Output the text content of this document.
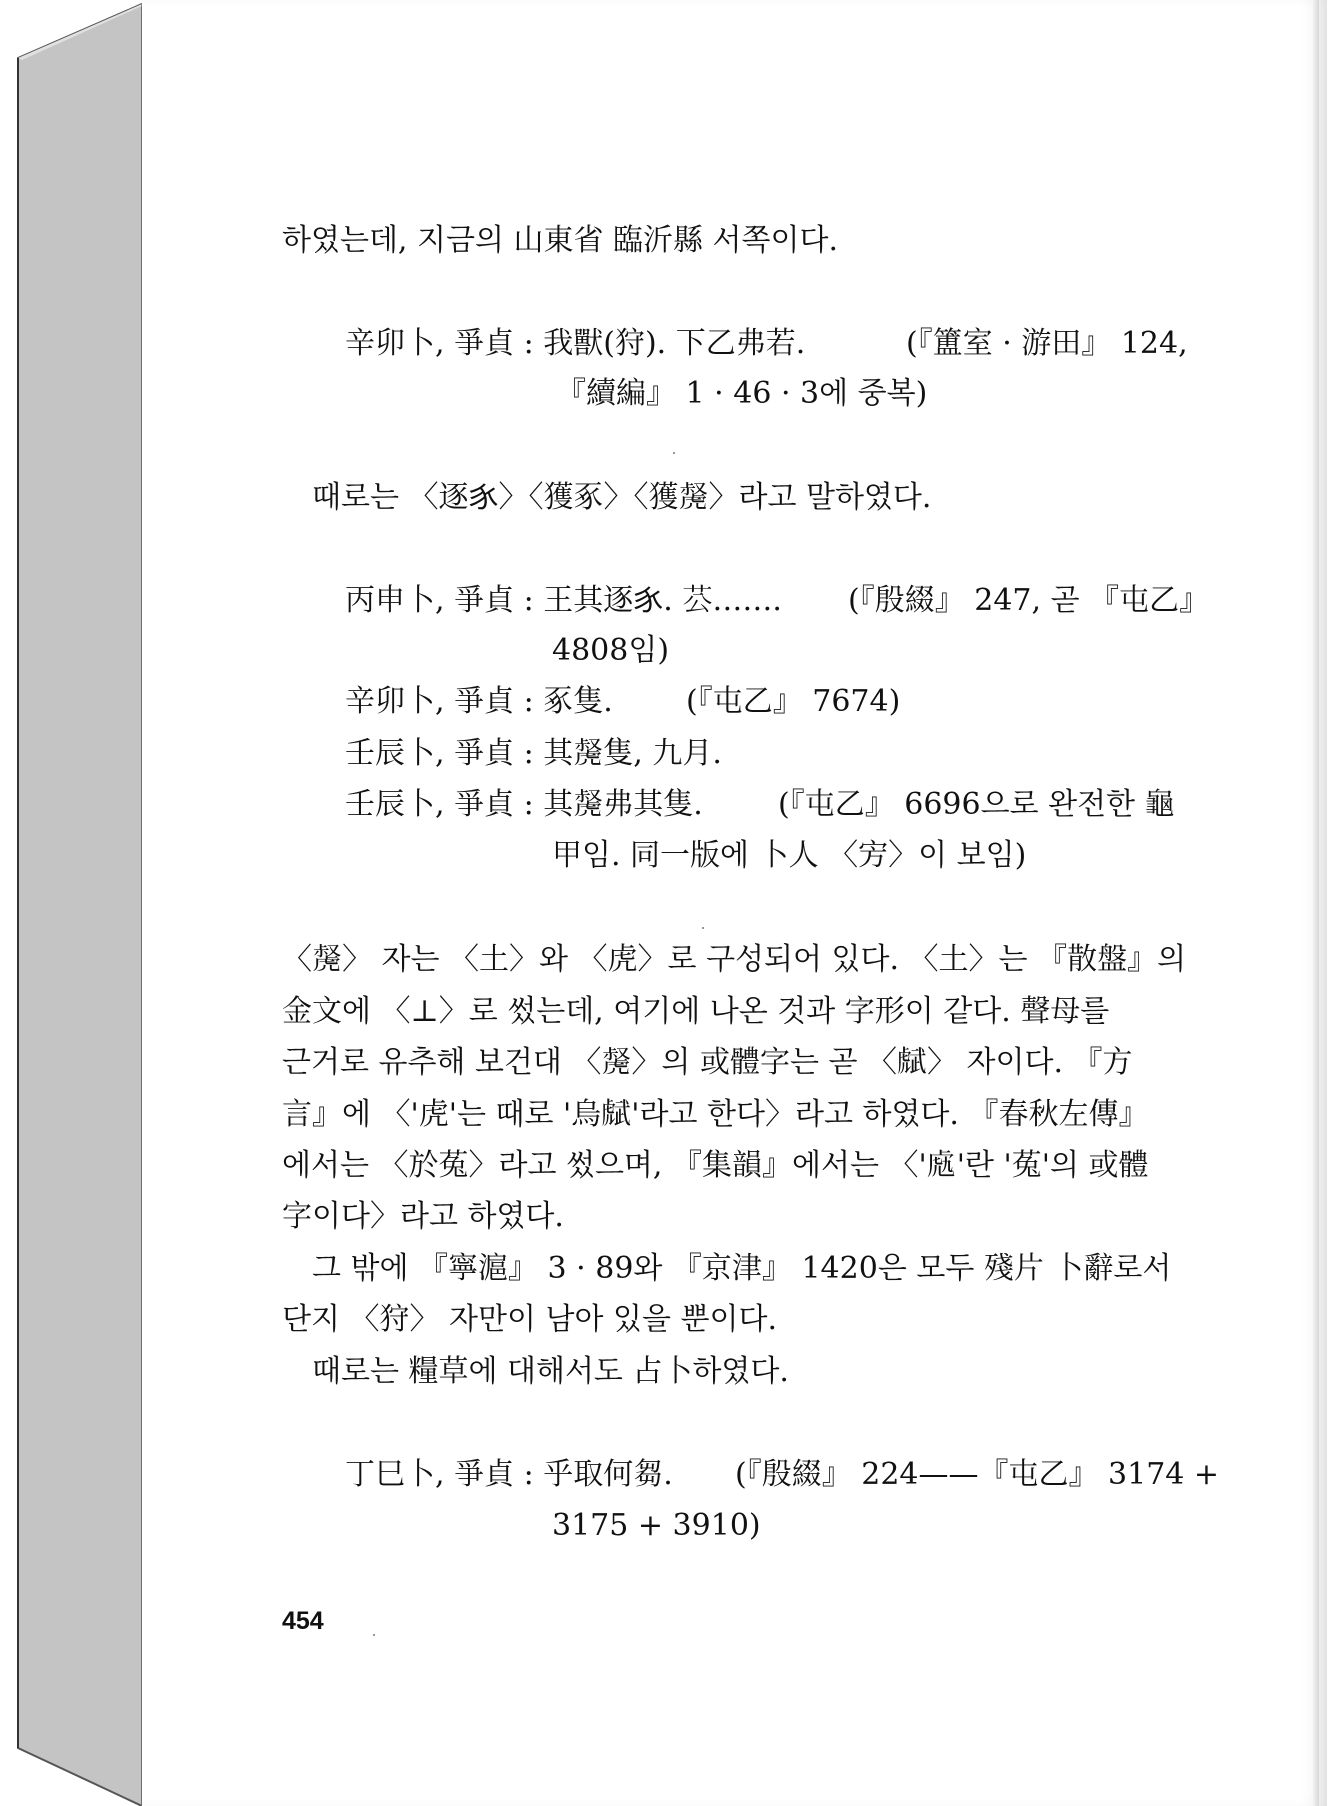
하였는데, 지금의 山東省 臨沂縣 서쪽이다.
辛卯卜, 爭貞 : 我獸(狩). 下乙弗若.	(『簠室 · 游田』 124,
『續編』 1 · 46 · 3에 중복)
때로는 〈逐𧰨〉〈獲豖〉〈獲𧇝〉라고 말하였다.
丙申卜, 爭貞 : 王其逐𧰨. 𦬘……. (『殷綴』 247, 곧 『屯乙』
4808임)
辛卯卜, 爭貞 : 豖隻. (『屯乙』 7674)
壬辰卜, 爭貞 : 其𧇝隻, 九月.
壬辰卜, 爭貞 : 其𧇝弗其隻.	(『屯乙』 6696으로 완전한 龜
甲임. 同一版에 卜人 〈㝑〉이 보임)
〈𧇝〉 자는 〈土〉와 〈虎〉로 구성되어 있다. 〈土〉는 『散盤』의
金文에 〈⊥〉로 썼는데, 여기에 나온 것과 字形이 같다. 聲母를
근거로 유추해 보건대 〈𧇝〉의 或體字는 곧 〈𧇭〉 자이다. 『方
言』에 〈'虎'는 때로 '烏𧇭'라고 한다〉라고 하였다. 『春秋左傳』
에서는 〈於菟〉라고 썼으며, 『集韻』에서는 〈'𧆬'란 '菟'의 或體
字이다〉라고 하였다.
그 밖에 『寧滬』 3 · 89와 『京津』 1420은 모두 殘片 卜辭로서
단지 〈狩〉 자만이 남아 있을 뿐이다.
때로는 糧草에 대해서도 占卜하였다.
丁巳卜, 爭貞 : 乎取何芻. (『殷綴』 224——『屯乙』 3174 +
3175 + 3910)
454
